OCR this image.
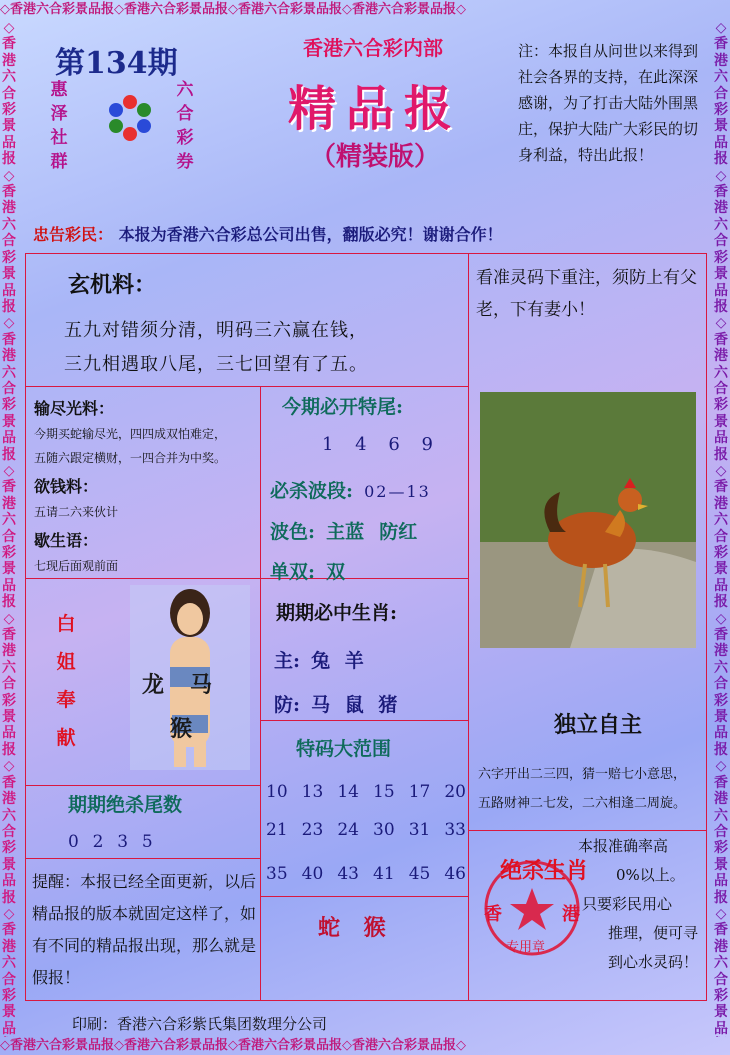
◇香港六合彩景品报◇香港六合彩景品报◇香港六合彩景品报◇香港六合彩景品报◇
◇香港六合彩景品报◇香港六合彩景品报◇香港六合彩景品报◇香港六合彩景品报◇
◇香港六合彩景品报◇香港六合彩景品报◇香港六合彩景品报◇香港六合彩景品报◇香港六合彩景品报◇香港六合彩景品报◇香港六合彩景品
◇香港六合彩景品报◇香港六合彩景品报◇香港六合彩景品报◇香港六合彩景品报◇香港六合彩景品报◇香港六合彩景品报◇香港六合彩景品
第134期
惠泽社群
六合彩券
香港六合彩内部
精品报
（精装版）
注：本报自从问世以来得到社会各界的支持，在此深深感谢，为了打击大陆外围黑庄，保护大陆广大彩民的切身利益，特出此报！
忠告彩民： 本报为香港六合彩总公司出售，翻版必究！谢谢合作！
玄机料：
五九对错须分清，明码三六赢在钱，
三九相遇取八尾，三七回望有了五。
看准灵码下重注，须防上有父老，下有妻小！
输尽光料：
今期买蛇输尽光，四四成双怕难定，
五随六跟定横财，一四合并为中奖。
欲钱料：
五请二六来伙计
歇生语：
七现后面观前面
今期必开特尾:
1 4 6 9
必杀波段: 02—13
波色: 主蓝 防红
单双: 双
期期必中生肖:
主: 兔 羊
防: 马 鼠 猪
白姐奉献
龙 马
猴
期期绝杀尾数
0  2  3  5
特码大范围
10 13 14 15 17 20
21 23 24 30 31 33
35 40 43 41 45 46
提醒：本报已经全面更新，以后精品报的版本就固定这样了，如有不同的精品报出现，那么就是假报！
蛇 猴
独立自主
六字开出二三四，猜一赔七小意思，
五路财神二七发，二六相逢二周旋。
香	港
专用章
绝杀生肖
本报准确率高
0%以上。
只要彩民用心
推理，便可寻
到心水灵码！
印刷：香港六合彩紫氏集团数理分公司
